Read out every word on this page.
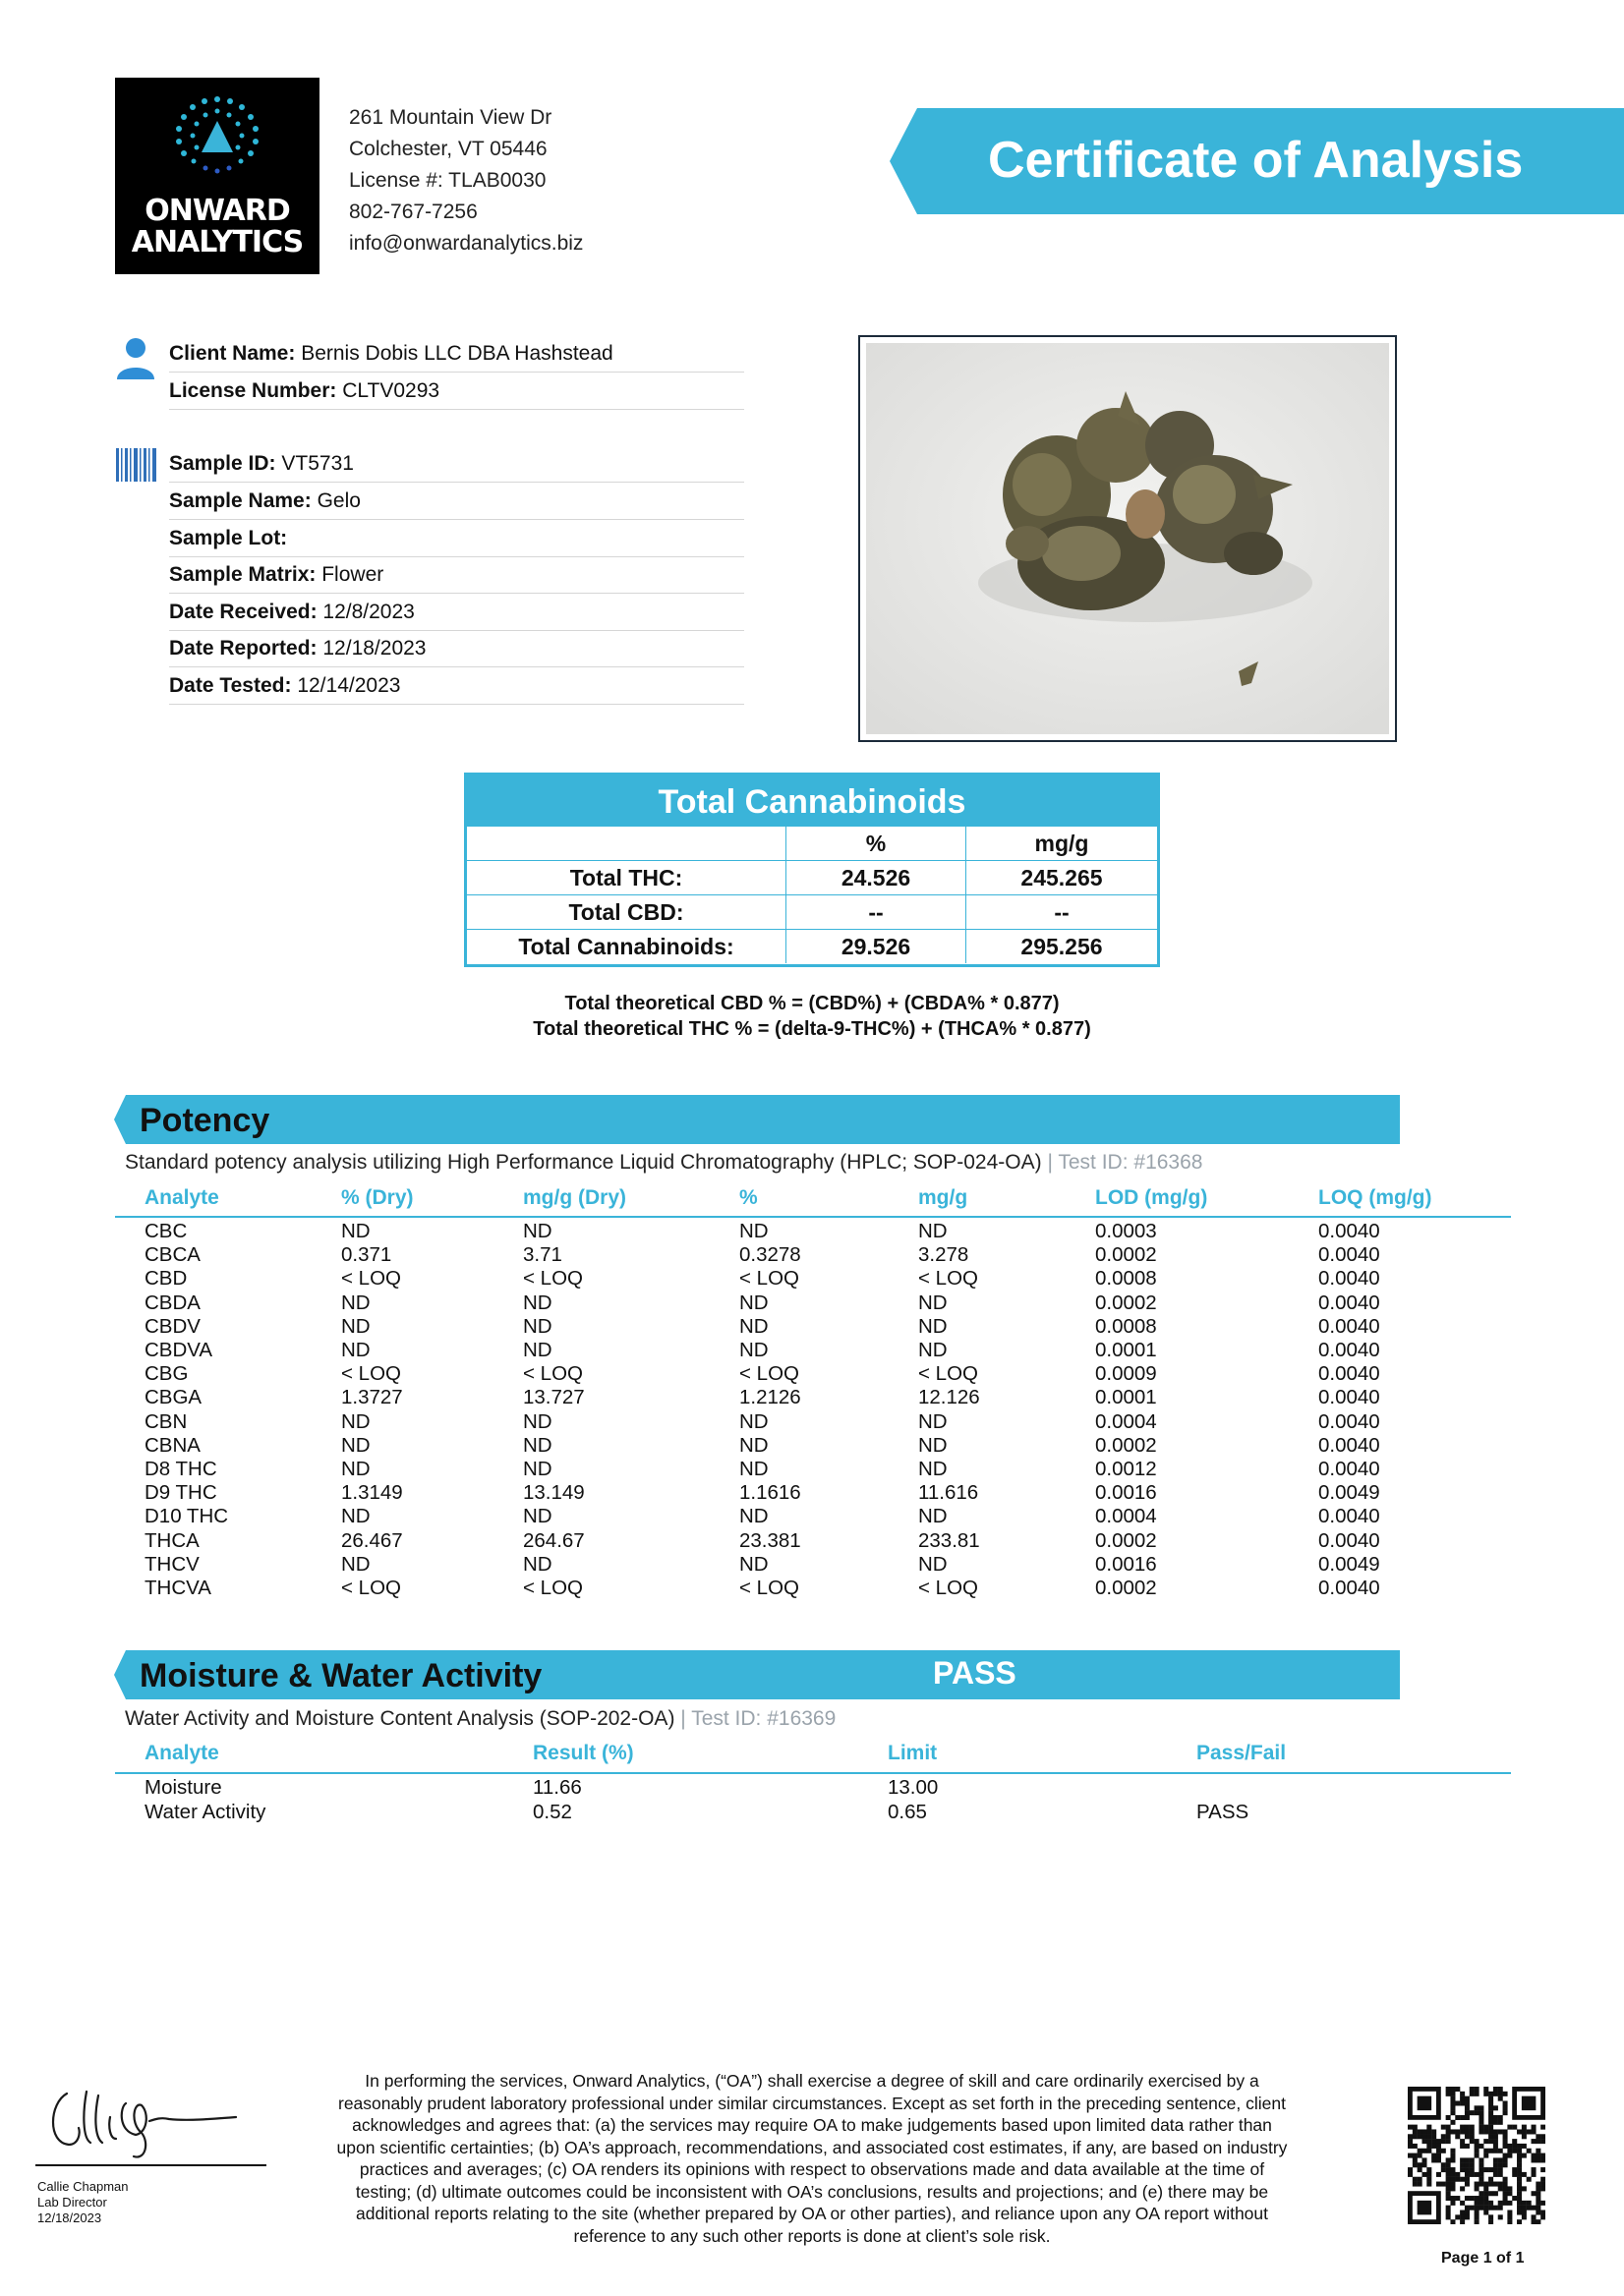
ONWARD
ANALYTICS
261 Mountain View Dr
Colchester, VT 05446
License #: TLAB0030
802-767-7256
info@onwardanalytics.biz
Certificate of Analysis
Client Name: Bernis Dobis LLC DBA Hashstead
License Number: CLTV0293
Sample ID: VT5731
Sample Name: Gelo
Sample Lot:
Sample Matrix: Flower
Date Received: 12/8/2023
Date Reported: 12/18/2023
Date Tested: 12/14/2023
Total Cannabinoids
	%	mg/g
Total THC:	24.526	245.265
Total CBD:	--	--
Total Cannabinoids:	29.526	295.256
Total theoretical CBD % = (CBD%) + (CBDA% * 0.877)
Total theoretical THC % = (delta-9-THC%) + (THCA% * 0.877)
Potency
Standard potency analysis utilizing High Performance Liquid Chromatography (HPLC; SOP-024-OA) | Test ID: #16368
Analyte	% (Dry)	mg/g (Dry)	%	mg/g	LOD (mg/g)	LOQ (mg/g)
CBC	ND	ND	ND	ND	0.0003	0.0040
CBCA	0.371	3.71	0.3278	3.278	0.0002	0.0040
CBD	< LOQ	< LOQ	< LOQ	< LOQ	0.0008	0.0040
CBDA	ND	ND	ND	ND	0.0002	0.0040
CBDV	ND	ND	ND	ND	0.0008	0.0040
CBDVA	ND	ND	ND	ND	0.0001	0.0040
CBG	< LOQ	< LOQ	< LOQ	< LOQ	0.0009	0.0040
CBGA	1.3727	13.727	1.2126	12.126	0.0001	0.0040
CBN	ND	ND	ND	ND	0.0004	0.0040
CBNA	ND	ND	ND	ND	0.0002	0.0040
D8 THC	ND	ND	ND	ND	0.0012	0.0040
D9 THC	1.3149	13.149	1.1616	11.616	0.0016	0.0049
D10 THC	ND	ND	ND	ND	0.0004	0.0040
THCA	26.467	264.67	23.381	233.81	0.0002	0.0040
THCV	ND	ND	ND	ND	0.0016	0.0049
THCVA	< LOQ	< LOQ	< LOQ	< LOQ	0.0002	0.0040
Moisture & Water Activity	PASS
Water Activity and Moisture Content Analysis (SOP-202-OA) | Test ID: #16369
Analyte	Result (%)	Limit	Pass/Fail
Moisture	11.66	13.00
Water Activity	0.52	0.65	PASS
Callie Chapman
Lab Director
12/18/2023
In performing the services, Onward Analytics, (“OA”) shall exercise a degree of skill and care ordinarily exercised by a
reasonably prudent laboratory professional under similar circumstances. Except as set forth in the preceding sentence, client
acknowledges and agrees that: (a) the services may require OA to make judgements based upon limited data rather than
upon scientific certainties; (b) OA’s approach, recommendations, and associated cost estimates, if any, are based on industry
practices and averages; (c) OA renders its opinions with respect to observations made and data available at the time of
testing; (d) ultimate outcomes could be inconsistent with OA’s conclusions, results and projections; and (e) there may be
additional reports relating to the site (whether prepared by OA or other parties), and reliance upon any OA report without
reference to any such other reports is done at client’s sole risk.
Page 1 of 1
